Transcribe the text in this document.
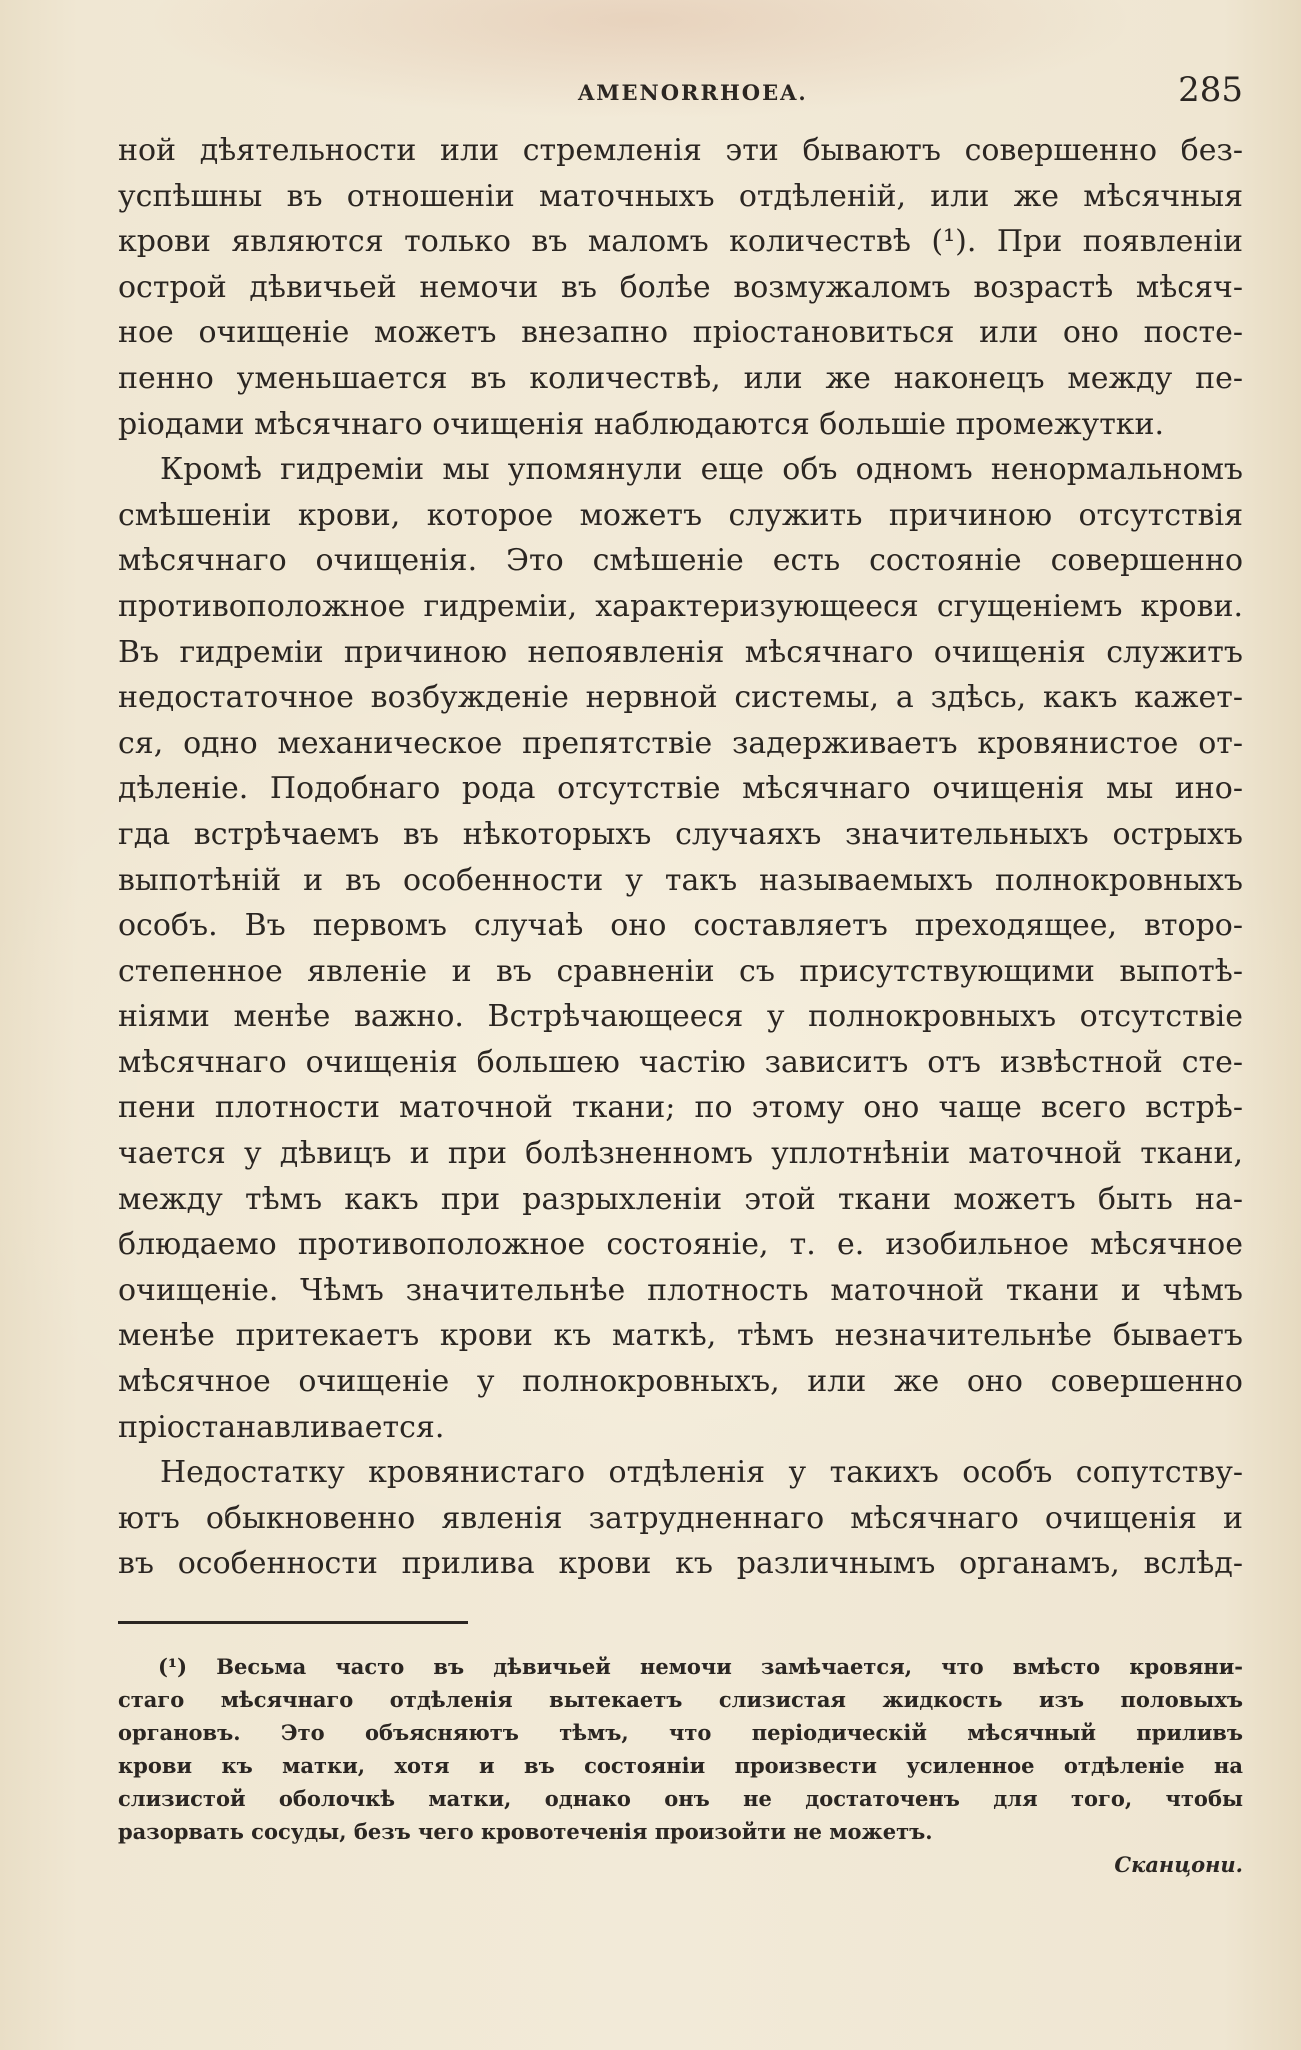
AMENORRHOEA.	285

ной дѣятельности или стремленія эти бываютъ совершенно без-
успѣшны въ отношеніи маточныхъ отдѣленій, или же мѣсячныя
крови являются только въ маломъ количествѣ (¹). При появленіи
острой дѣвичьей немочи въ болѣе возмужаломъ возрастѣ мѣсяч-
ное очищеніе можетъ внезапно пріостановиться или оно посте-
пенно уменьшается въ количествѣ, или же наконецъ между пе-
ріодами мѣсячнаго очищенія наблюдаются большіе промежутки.

Кромѣ гидреміи мы упомянули еще объ одномъ ненормальномъ
смѣшеніи крови, которое можетъ служить причиною отсутствія
мѣсячнаго очищенія. Это смѣшеніе есть состояніе совершенно
противоположное гидреміи, характеризующееся сгущеніемъ крови.
Въ гидреміи причиною непоявленія мѣсячнаго очищенія служитъ
недостаточное возбужденіе нервной системы, а здѣсь, какъ кажет-
ся, одно механическое препятствіе задерживаетъ кровянистое от-
дѣленіе. Подобнаго рода отсутствіе мѣсячнаго очищенія мы ино-
гда встрѣчаемъ въ нѣкоторыхъ случаяхъ значительныхъ острыхъ
выпотѣній и въ особенности у такъ называемыхъ полнокровныхъ
особъ. Въ первомъ случаѣ оно составляетъ преходящее, второ-
степенное явленіе и въ сравненіи съ присутствующими выпотѣ-
ніями менѣе важно. Встрѣчающееся у полнокровныхъ отсутствіе
мѣсячнаго очищенія большею частію зависитъ отъ извѣстной сте-
пени плотности маточной ткани; по этому оно чаще всего встрѣ-
чается у дѣвицъ и при болѣзненномъ уплотнѣніи маточной ткани,
между тѣмъ какъ при разрыхленіи этой ткани можетъ быть на-
блюдаемо противоположное состояніе, т. е. изобильное мѣсячное
очищеніе. Чѣмъ значительнѣе плотность маточной ткани и чѣмъ
менѣе притекаетъ крови къ маткѣ, тѣмъ незначительнѣе бываетъ
мѣсячное очищеніе у полнокровныхъ, или же оно совершенно
пріостанавливается.

Недостатку кровянистаго отдѣленія у такихъ особъ сопутству-
ютъ обыкновенно явленія затрудненнаго мѣсячнаго очищенія и
въ особенности прилива крови къ различнымъ органамъ, вслѣд-

(¹) Весьма часто въ дѣвичьей немочи замѣчается, что вмѣсто кровяни-
стаго мѣсячнаго отдѣленія вытекаетъ слизистая жидкость изъ половыхъ
органовъ. Это объясняютъ тѣмъ, что періодическій мѣсячный приливъ
крови къ матки, хотя и въ состояніи произвести усиленное отдѣленіе на
слизистой оболочкѣ матки, однако онъ не достаточенъ для того, чтобы
разорвать сосуды, безъ чего кровотеченія произойти не можетъ.
Сканцони.
